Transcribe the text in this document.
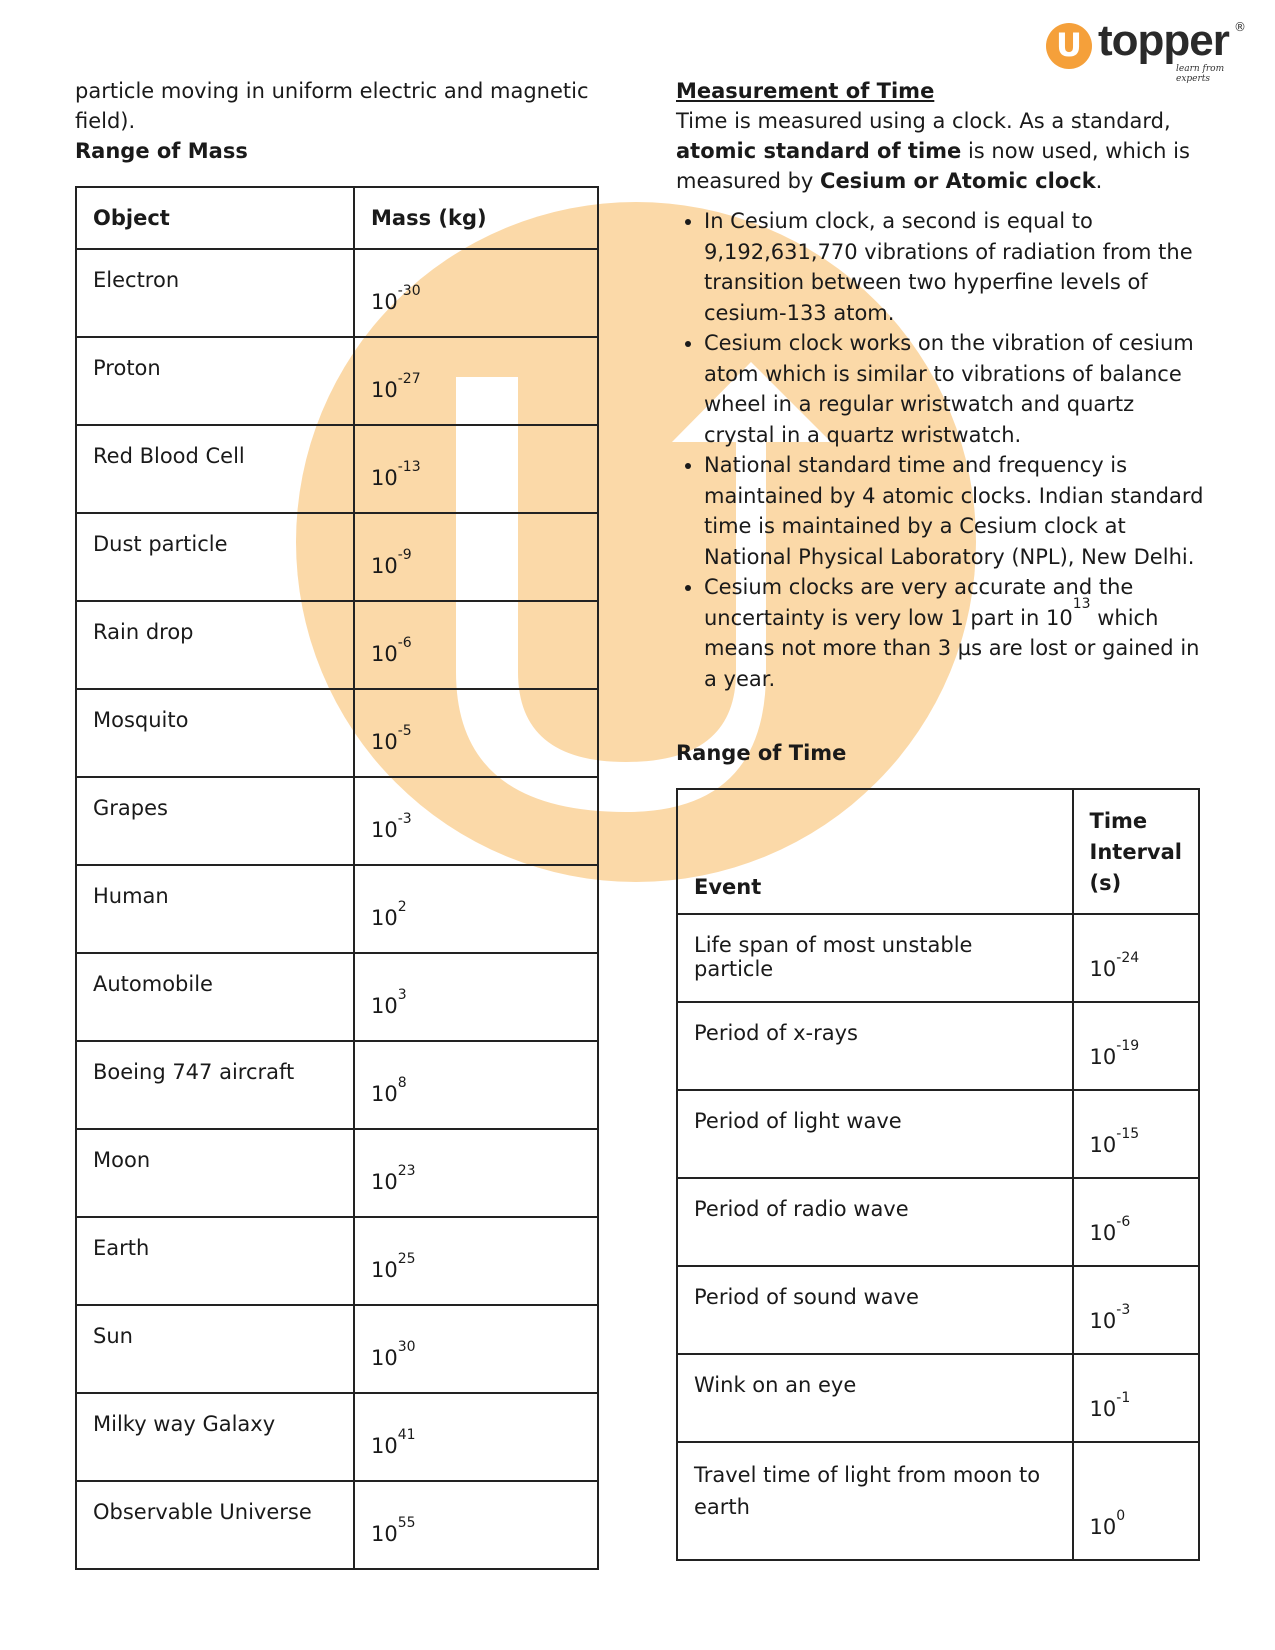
U topper ®
learn from experts

particle moving in uniform electric and magnetic field).

Range of Mass

Object	Mass (kg)
Electron	$10^{-30}$
Proton	$10^{-27}$
Red Blood Cell	$10^{-13}$
Dust particle	$10^{-9}$
Rain drop	$10^{-6}$
Mosquito	$10^{-5}$
Grapes	$10^{-3}$
Human	$10^2$
Automobile	$10^3$
Boeing 747 aircraft	$10^8$
Moon	$10^{23}$
Earth	$10^{25}$
Sun	$10^{30}$
Milky way Galaxy	$10^{41}$
Observable Universe	$10^{55}$

Measurement of Time

Time is measured using a clock. As a standard, atomic standard of time is now used, which is measured by Cesium or Atomic clock.

• In Cesium clock, a second is equal to 9,192,631,770 vibrations of radiation from the transition between two hyperfine levels of cesium-133 atom.
• Cesium clock works on the vibration of cesium atom which is similar to vibrations of balance wheel in a regular wristwatch and quartz crystal in a quartz wristwatch.
• National standard time and frequency is maintained by 4 atomic clocks. Indian standard time is maintained by a Cesium clock at National Physical Laboratory (NPL), New Delhi.
• Cesium clocks are very accurate and the uncertainty is very low 1 part in $10^{13}$ which means not more than 3 µs are lost or gained in a year.

Range of Time

Event	Time
Interval
(s)
Life span of most unstable particle	$10^{-24}$
Period of x-rays	$10^{-19}$
Period of light wave	$10^{-15}$
Period of radio wave	$10^{-6}$
Period of sound wave	$10^{-3}$
Wink on an eye	$10^{-1}$
Travel time of light from moon to earth	$10^0$
